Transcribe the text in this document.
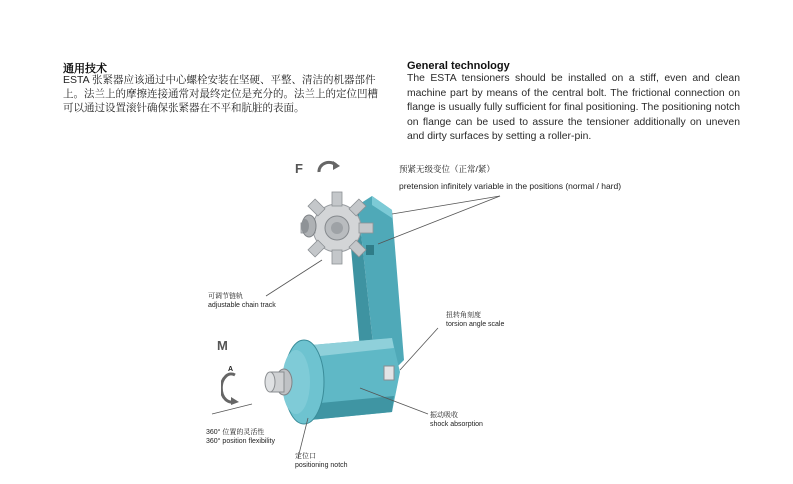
通用技术
ESTA 张紧器应该通过中心螺栓安装在坚硬、平整、清洁的机器部件上。法兰上的摩擦连接通常对最终定位是充分的。法兰上的定位凹槽可以通过设置滚针确保张紧器在不平和肮脏的表面。
General technology
The ESTA tensioners should be installed on a stiff, even and clean machine part by means of the central bolt. The frictional connection on flange is usually fully sufficient for final positioning. The positioning notch on flange can be used to assure the tensioner additionally on uneven and dirty surfaces by setting a roller-pin.
F
M
A
预紧无级变位（正常/紧）
pretension infinitely variable in the positions (normal / hard)
可调节链轨
adjustable chain track
扭转角刻度
torsion angle scale
360° 位置的灵活性
360° position flexibility
振动吸收
shock absorption
定位口
positioning notch
